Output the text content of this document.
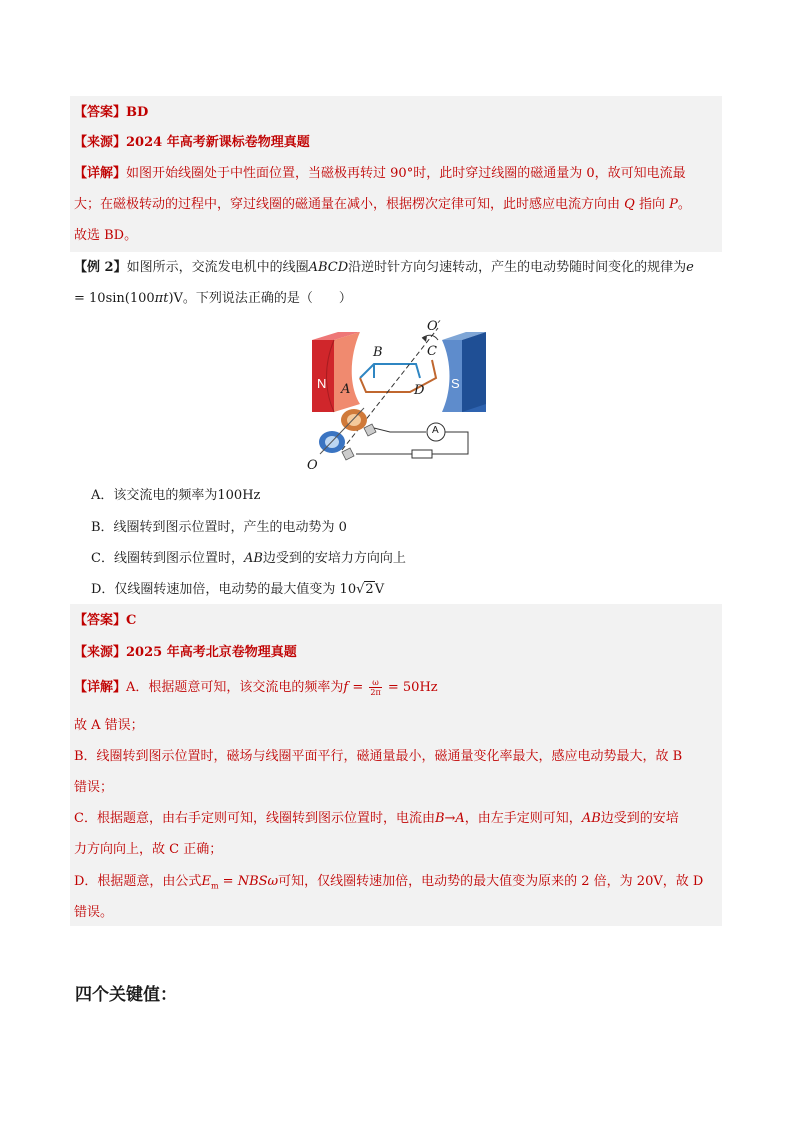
【答案】BD
【来源】2024 年高考新课标卷物理真题
【详解】如图开始线圈处于中性面位置，当磁极再转过 90°时，此时穿过线圈的磁通量为 0，故可知电流最
大；在磁极转动的过程中，穿过线圈的磁通量在减小，根据楞次定律可知，此时感应电流方向由 Q 指向 P。
故选 BD。
【例 2】如图所示，交流发电机中的线圈ABCD沿逆时针方向匀速转动，产生的电动势随时间变化的规律为e
= 10sin(100πt)V。下列说法正确的是（　　）
N	S
A
B	C
D
O′
O
A
A．该交流电的频率为100Hz
B．线圈转到图示位置时，产生的电动势为 0
C．线圈转到图示位置时，AB边受到的安培力方向向上
D．仅线圈转速加倍，电动势的最大值变为 10√2V
【答案】C
【来源】2025 年高考北京卷物理真题
【详解】A．根据题意可知，该交流电的频率为$f = \frac{\omega}{2\pi} = 50Hz$
故 A 错误；
B．线圈转到图示位置时，磁场与线圈平面平行，磁通量最小，磁通量变化率最大，感应电动势最大，故 B
错误；
C．根据题意，由右手定则可知，线圈转到图示位置时，电流由B→A，由左手定则可知，AB边受到的安培
力方向向上，故 C 正确；
D．根据题意，由公式$E_m = NBS\omega$可知，仅线圈转速加倍，电动势的最大值变为原来的 2 倍，为 20V，故 D
错误。
四个关键值：
